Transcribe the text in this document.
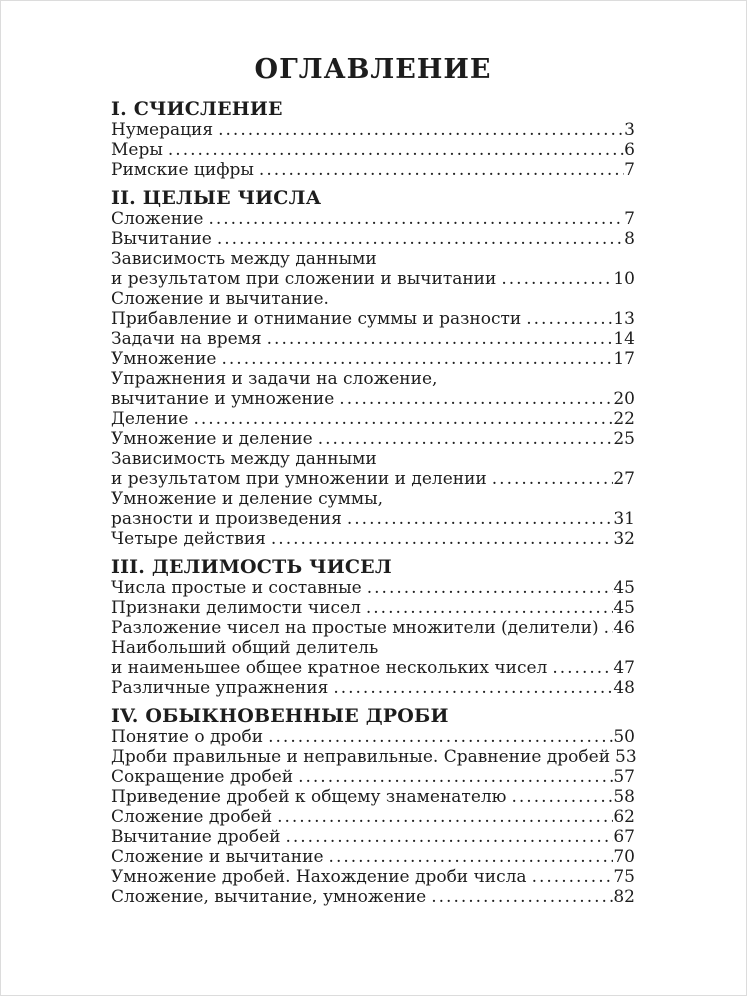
ОГЛАВЛЕНИЕ
I. СЧИСЛЕНИЕ
Нумерация .....	3
Меры .....	6
Римские цифры .....	7
II. ЦЕЛЫЕ ЧИСЛА
Сложение .....	7
Вычитание .....	8
Зависимость между данными
и результатом при сложении и вычитании .....	10
Сложение и вычитание.
Прибавление и отнимание суммы и разности .....	13
Задачи на время .....	14
Умножение .....	17
Упражнения и задачи на сложение,
вычитание и умножение .....	20
Деление .....	22
Умножение и деление .....	25
Зависимость между данными
и результатом при умножении и делении .....	27
Умножение и деление суммы,
разности и произведения .....	31
Четыре действия .....	32
III. ДЕЛИМОСТЬ ЧИСЕЛ
Числа простые и составные .....	45
Признаки делимости чисел .....	45
Разложение чисел на простые множители (делители) ..... 46
Наибольший общий делитель
и наименьшее общее кратное нескольких чисел .....	47
Различные упражнения .....	48
IV. ОБЫКНОВЕННЫЕ ДРОБИ
Понятие о дроби .....	50
Дроби правильные и неправильные. Сравнение дробей ..... 53
Сокращение дробей .....	57
Приведение дробей к общему знаменателю .....	58
Сложение дробей .....	62
Вычитание дробей .....	67
Сложение и вычитание .....	70
Умножение дробей. Нахождение дроби числа .....	75
Сложение, вычитание, умножение .....	82
